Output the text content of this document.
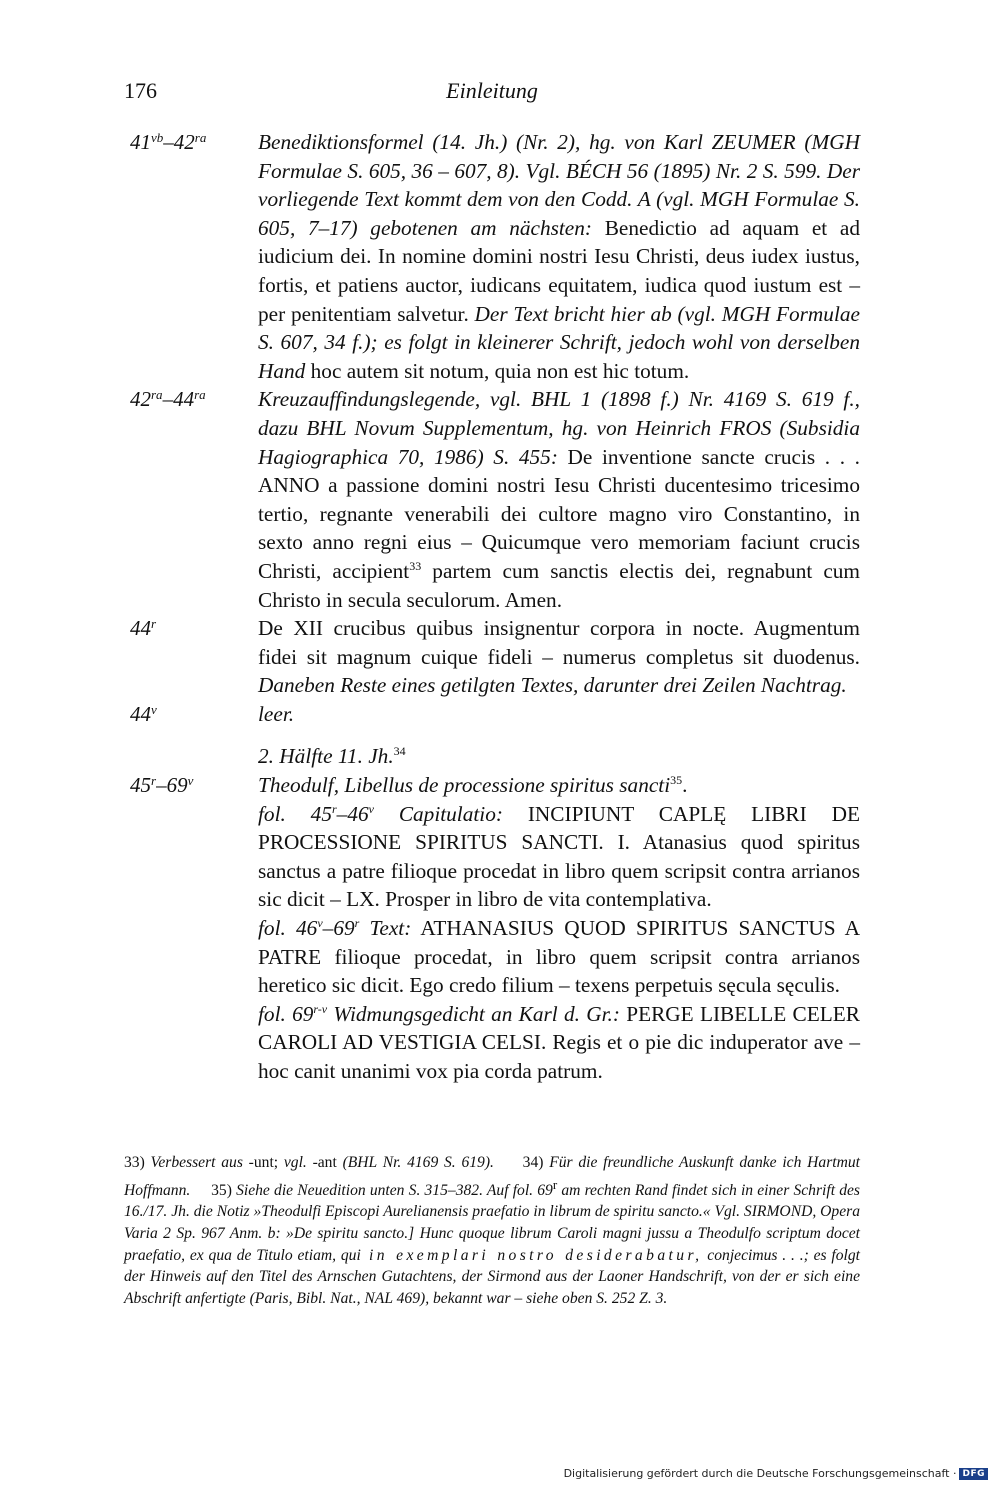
176	Einleitung
$41^{vb}-42^{ra}$	Benediktionsformel (14. Jh.) (Nr. 2), hg. von Karl ZEUMER (MGH Formulae S. 605, 36 – 607, 8). Vgl. BÉCH 56 (1895) Nr. 2 S. 599. Der vorliegende Text kommt dem von den Codd. A (vgl. MGH Formulae S. 605, 7–17) gebotenen am nächsten: Benedictio ad aquam et ad iudicium dei. In nomine domini nostri Iesu Christi, deus iudex iustus, fortis, et patiens auctor, iudicans equitatem, iudica quod iustum est – per penitentiam salvetur. Der Text bricht hier ab (vgl. MGH Formulae S. 607, 34 f.); es folgt in kleinerer Schrift, jedoch wohl von derselben Hand hoc autem sit notum, quia non est hic totum.
$42^{ra}-44^{ra}$	Kreuzauffindungslegende, vgl. BHL 1 (1898 f.) Nr. 4169 S. 619 f., dazu BHL Novum Supplementum, hg. von Heinrich FROS (Subsidia Hagiographica 70, 1986) S. 455: De inventione sancte crucis . . . ANNO a passione domini nostri Iesu Christi ducentesimo tricesimo tertio, regnante venerabili dei cultore magno viro Constantino, in sexto anno regni eius – Quicumque vero memoriam faciunt crucis Christi, accipient$^{33}$ partem cum sanctis electis dei, regnabunt cum Christo in secula seculorum. Amen.
44$^r$	De XII crucibus quibus insignentur corpora in nocte. Augmentum fidei sit magnum cuique fideli – numerus completus sit duodenus. Daneben Reste eines getilgten Textes, darunter drei Zeilen Nachtrag.
44$^v$	leer.
2. Hälfte 11. Jh.$^{34}$
45$^r$–69$^v$	Theodulf, Libellus de processione spiritus sancti$^{35}$.

fol. 45$^r$–46$^v$ Capitulatio: INCIPIUNT CAPLĘ LIBRI DE PROCESSIONE SPIRITUS SANCTI. I. Atanasius quod spiritus sanctus a patre filioque procedat in libro quem scripsit contra arrianos sic dicit – LX. Prosper in libro de vita contemplativa.

fol. 46$^v$–69$^r$ Text: ATHANASIUS QUOD SPIRITUS SANCTUS A PATRE filioque procedat, in libro quem scripsit contra arrianos heretico sic dicit. Ego credo filium – texens perpetuis sęcula sęculis.

fol. 69$^{r-v}$ Widmungsgedicht an Karl d. Gr.: PERGE LIBELLE CELER CAROLI AD VESTIGIA CELSI. Regis et o pie dic induperator ave – hoc canit unanimi vox pia corda patrum.

33) Verbessert aus -unt; vgl. -ant (BHL Nr. 4169 S. 619). 34) Für die freundliche Auskunft danke ich Hartmut Hoffmann. 35) Siehe die Neuedition unten S. 315–382. Auf fol. 69$^r$ am rechten Rand findet sich in einer Schrift des 16./17. Jh. die Notiz »Theodulfi Episcopi Aurelianensis praefatio in librum de spiritu sancto.« Vgl. SIRMOND, Opera Varia 2 Sp. 967 Anm. b: »De spiritu sancto.] Hunc quoque librum Caroli magni jussu a Theodulfo scriptum docet praefatio, ex qua de Titulo etiam, qui in exemplari nostro desiderabatur, conjecimus . . .; es folgt der Hinweis auf den Titel des Arnschen Gutachtens, der Sirmond aus der Laoner Handschrift, von der er sich eine Abschrift anfertigte (Paris, Bibl. Nat., NAL 469), bekannt war – siehe oben S. 252 Z. 3.
Digitalisierung gefördert durch die Deutsche Forschungsgemeinschaft · DFG
